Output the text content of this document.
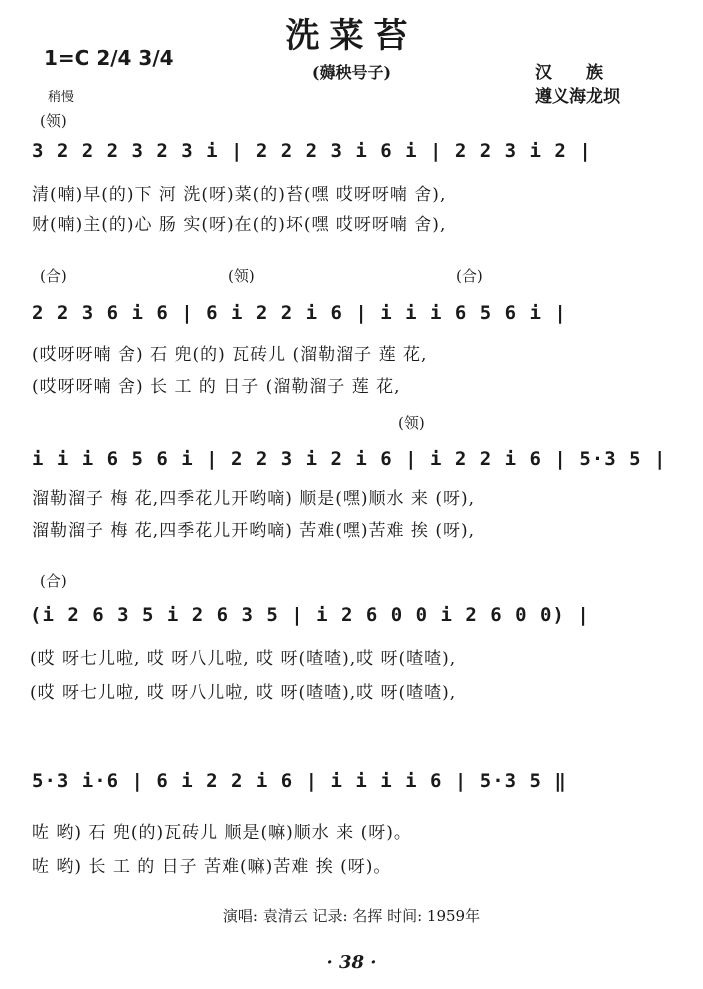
洗菜苔
(薅秧号子)
1=C 2/4 3/4
稍慢
汉　　族
遵义海龙坝
(领)
3 2 2 2 3 2 3 i | 2 2 2 3 i 6 i | 2 2 3 i 2 |
清(喃)早(的)下 河 洗(呀)菜(的)苔(嘿 哎呀呀喃 舍),
财(喃)主(的)心 肠 实(呀)在(的)坏(嘿 哎呀呀喃 舍),
(合)	(领)	(合)
2 2 3 6 i 6 | 6 i 2 2 i 6 | i i i 6 5 6 i |
(哎呀呀喃 舍) 石 兜(的) 瓦砖儿 (溜勒溜子 莲 花,
(哎呀呀喃 舍) 长 工 的 日子 (溜勒溜子 莲 花,
(领)
i i i 6 5 6 i | 2 2 3 i 2 i 6 | i 2 2 i 6 | 5·3 5 |
溜勒溜子 梅 花,四季花儿开哟嘀) 顺是(嘿)顺水 来 (呀),
溜勒溜子 梅 花,四季花儿开哟嘀) 苦难(嘿)苦难 挨 (呀),
(合)
(i 2 6 3 5 i 2 6 3 5 | i 2 6 0 0 i 2 6 0 0) |
(哎 呀七儿啦, 哎 呀八儿啦, 哎 呀(喳喳),哎 呀(喳喳),
(哎 呀七儿啦, 哎 呀八儿啦, 哎 呀(喳喳),哎 呀(喳喳),
5·3 i·6 | 6 i 2 2 i 6 | i i i i 6 | 5·3 5 ‖
咗 哟) 石 兜(的)瓦砖儿 顺是(嘛)顺水 来 (呀)。
咗 哟) 长 工 的 日子 苦难(嘛)苦难 挨 (呀)。
演唱: 袁清云 记录: 名挥 时间: 1959年
· 38 ·
